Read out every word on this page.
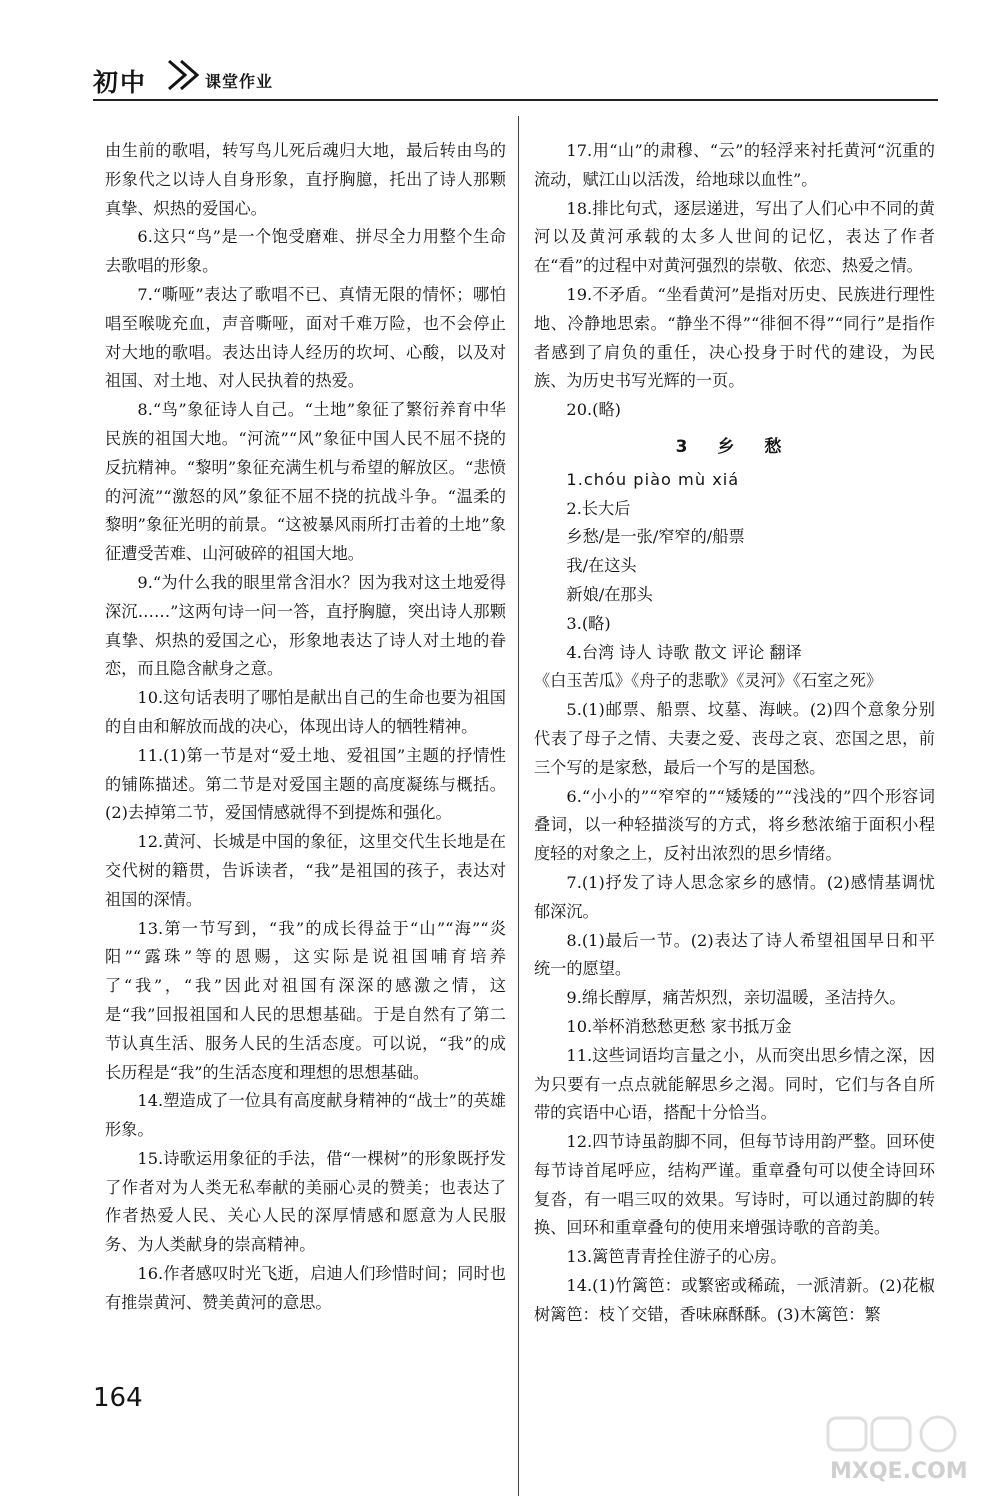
初中	课堂作业

由生前的歌唱，转写鸟儿死后魂归大地，最后转由鸟的形象代之以诗人自身形象，直抒胸臆，托出了诗人那颗真挚、炽热的爱国心。

6.这只“鸟”是一个饱受磨难、拼尽全力用整个生命去歌唱的形象。

7.“嘶哑”表达了歌唱不已、真情无限的情怀；哪怕唱至喉咙充血，声音嘶哑，面对千难万险，也不会停止对大地的歌唱。表达出诗人经历的坎坷、心酸，以及对祖国、对土地、对人民执着的热爱。

8.“鸟”象征诗人自己。“土地”象征了繁衍养育中华民族的祖国大地。“河流”“风”象征中国人民不屈不挠的反抗精神。“黎明”象征充满生机与希望的解放区。“悲愤的河流”“激怒的风”象征不屈不挠的抗战斗争。“温柔的黎明”象征光明的前景。“这被暴风雨所打击着的土地”象征遭受苦难、山河破碎的祖国大地。

9.“为什么我的眼里常含泪水？因为我对这土地爱得深沉……”这两句诗一问一答，直抒胸臆，突出诗人那颗真挚、炽热的爱国之心，形象地表达了诗人对土地的眷恋，而且隐含献身之意。

10.这句话表明了哪怕是献出自己的生命也要为祖国的自由和解放而战的决心，体现出诗人的牺牲精神。

11.(1)第一节是对“爱土地、爱祖国”主题的抒情性的铺陈描述。第二节是对爱国主题的高度凝练与概括。(2)去掉第二节，爱国情感就得不到提炼和强化。

12.黄河、长城是中国的象征，这里交代生长地是在交代树的籍贯，告诉读者，“我”是祖国的孩子，表达对祖国的深情。

13.第一节写到，“我”的成长得益于“山”“海”“炎阳”“露珠”等的恩赐，这实际是说祖国哺育培养了“我”，“我”因此对祖国有深深的感激之情，这是“我”回报祖国和人民的思想基础。于是自然有了第二节认真生活、服务人民的生活态度。可以说，“我”的成长历程是“我”的生活态度和理想的思想基础。

14.塑造成了一位具有高度献身精神的“战士”的英雄形象。

15.诗歌运用象征的手法，借“一棵树”的形象既抒发了作者对为人类无私奉献的美丽心灵的赞美；也表达了作者热爱人民、关心人民的深厚情感和愿意为人民服务、为人类献身的崇高精神。

16.作者感叹时光飞逝，启迪人们珍惜时间；同时也有推崇黄河、赞美黄河的意思。

17.用“山”的肃穆、“云”的轻浮来衬托黄河“沉重的流动，赋江山以活泼，给地球以血性”。

18.排比句式，逐层递进，写出了人们心中不同的黄河以及黄河承载的太多人世间的记忆，表达了作者在“看”的过程中对黄河强烈的崇敬、依恋、热爱之情。

19.不矛盾。“坐看黄河”是指对历史、民族进行理性地、冷静地思索。“静坐不得”“徘徊不得”“同行”是指作者感到了肩负的重任，决心投身于时代的建设，为民族、为历史书写光辉的一页。

20.(略)

3 乡 愁

1.chóu piào mù xiá

2.长大后

乡愁/是一张/窄窄的/船票

我/在这头

新娘/在那头

3.(略)

4.台湾 诗人 诗歌 散文 评论 翻译

《白玉苦瓜》《舟子的悲歌》《灵河》《石室之死》

5.(1)邮票、船票、坟墓、海峡。(2)四个意象分别代表了母子之情、夫妻之爱、丧母之哀、恋国之思，前三个写的是家愁，最后一个写的是国愁。

6.“小小的”“窄窄的”“矮矮的”“浅浅的”四个形容词叠词，以一种轻描淡写的方式，将乡愁浓缩于面积小程度轻的对象之上，反衬出浓烈的思乡情绪。

7.(1)抒发了诗人思念家乡的感情。(2)感情基调忧郁深沉。

8.(1)最后一节。(2)表达了诗人希望祖国早日和平统一的愿望。

9.绵长醇厚，痛苦炽烈，亲切温暖，圣洁持久。

10.举杯消愁愁更愁 家书抵万金

11.这些词语均言量之小，从而突出思乡情之深，因为只要有一点点就能解思乡之渴。同时，它们与各自所带的宾语中心语，搭配十分恰当。

12.四节诗虽韵脚不同，但每节诗用韵严整。回环使每节诗首尾呼应，结构严谨。重章叠句可以使全诗回环复沓，有一唱三叹的效果。写诗时，可以通过韵脚的转换、回环和重章叠句的使用来增强诗歌的音韵美。

13.篱笆青青拴住游子的心房。

14.(1)竹篱笆：或繁密或稀疏，一派清新。(2)花椒树篱笆：枝丫交错，香味麻酥酥。(3)木篱笆：繁

164
MXQE.COM
